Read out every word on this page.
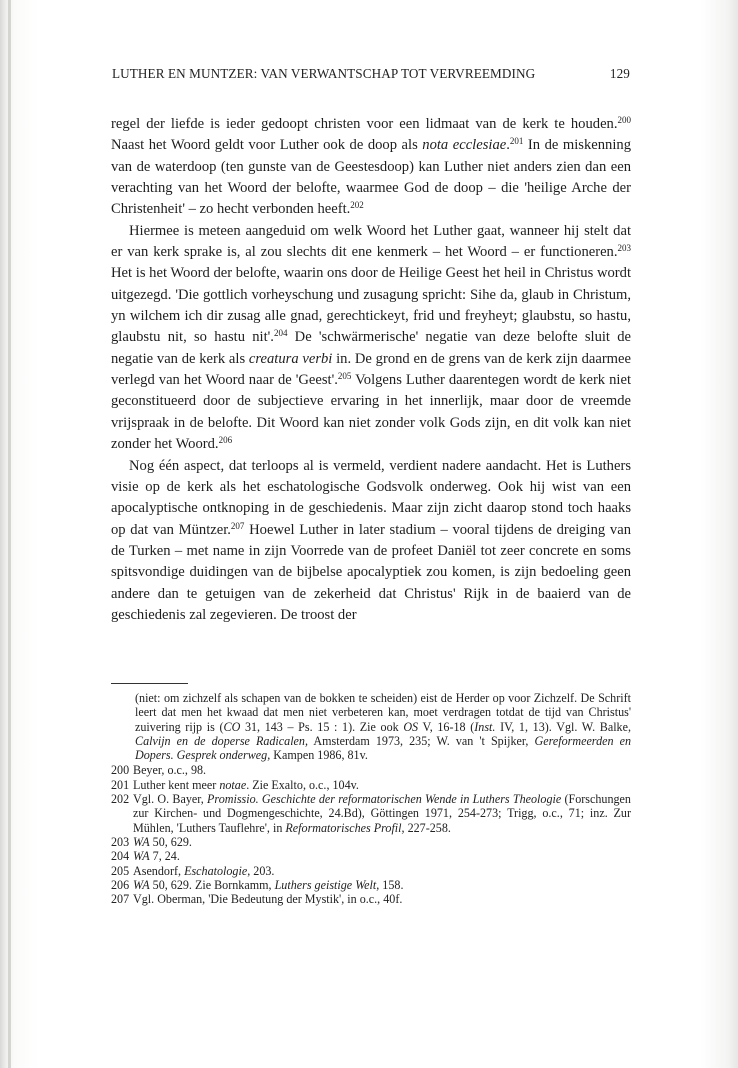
LUTHER EN MUNTZER: VAN VERWANTSCHAP TOT VERVREEMDING	129

regel der liefde is ieder gedoopt christen voor een lidmaat van de kerk te houden.$^{200}$ Naast het Woord geldt voor Luther ook de doop als nota ecclesiae.$^{201}$ In de miskenning van de waterdoop (ten gunste van de Geestesdoop) kan Luther niet anders zien dan een verachting van het Woord der belofte, waarmee God de doop – die 'heilige Arche der Christenheit' – zo hecht verbonden heeft.$^{202}$

Hiermee is meteen aangeduid om welk Woord het Luther gaat, wanneer hij stelt dat er van kerk sprake is, al zou slechts dit ene kenmerk – het Woord – er functioneren.$^{203}$ Het is het Woord der belofte, waarin ons door de Heilige Geest het heil in Christus wordt uitgezegd. 'Die gottlich vorheyschung und zusagung spricht: Sihe da, glaub in Christum, yn wilchem ich dir zusag alle gnad, gerechtickeyt, frid und freyheyt; glaubstu, so hastu, glaubstu nit, so hastu nit'.$^{204}$ De 'schwärmerische' negatie van deze belofte sluit de negatie van de kerk als creatura verbi in. De grond en de grens van de kerk zijn daarmee verlegd van het Woord naar de 'Geest'.$^{205}$ Volgens Luther daarentegen wordt de kerk niet geconstitueerd door de subjectieve ervaring in het innerlijk, maar door de vreemde vrijspraak in de belofte. Dit Woord kan niet zonder volk Gods zijn, en dit volk kan niet zonder het Woord.$^{206}$

Nog één aspect, dat terloops al is vermeld, verdient nadere aandacht. Het is Luthers visie op de kerk als het eschatologische Godsvolk onderweg. Ook hij wist van een apocalyptische ontknoping in de geschiedenis. Maar zijn zicht daarop stond toch haaks op dat van Müntzer.$^{207}$ Hoewel Luther in later stadium – vooral tijdens de dreiging van de Turken – met name in zijn Voorrede van de profeet Daniël tot zeer concrete en soms spitsvondige duidingen van de bijbelse apocalyptiek zou komen, is zijn bedoeling geen andere dan te getuigen van de zekerheid dat Christus' Rijk in de baaierd van de geschiedenis zal zegevieren. De troost der

(niet: om zichzelf als schapen van de bokken te scheiden) eist de Herder op voor Zichzelf. De Schrift leert dat men het kwaad dat men niet verbeteren kan, moet verdragen totdat de tijd van Christus' zuivering rijp is (CO 31, 143 – Ps. 15 : 1). Zie ook OS V, 16-18 (Inst. IV, 1, 13). Vgl. W. Balke, Calvijn en de doperse Radicalen, Amsterdam 1973, 235; W. van 't Spijker, Gereformeerden en Dopers. Gesprek onderweg, Kampen 1986, 81v.

200 Beyer, o.c., 98.

201 Luther kent meer notae. Zie Exalto, o.c., 104v.

202 Vgl. O. Bayer, Promissio. Geschichte der reformatorischen Wende in Luthers Theologie (Forschungen zur Kirchen- und Dogmengeschichte, 24.Bd), Göttingen 1971, 254-273; Trigg, o.c., 71; inz. Zur Mühlen, 'Luthers Tauflehre', in Reformatorisches Profil, 227-258.

203 WA 50, 629.

204 WA 7, 24.

205 Asendorf, Eschatologie, 203.

206 WA 50, 629. Zie Bornkamm, Luthers geistige Welt, 158.

207 Vgl. Oberman, 'Die Bedeutung der Mystik', in o.c., 40f.
